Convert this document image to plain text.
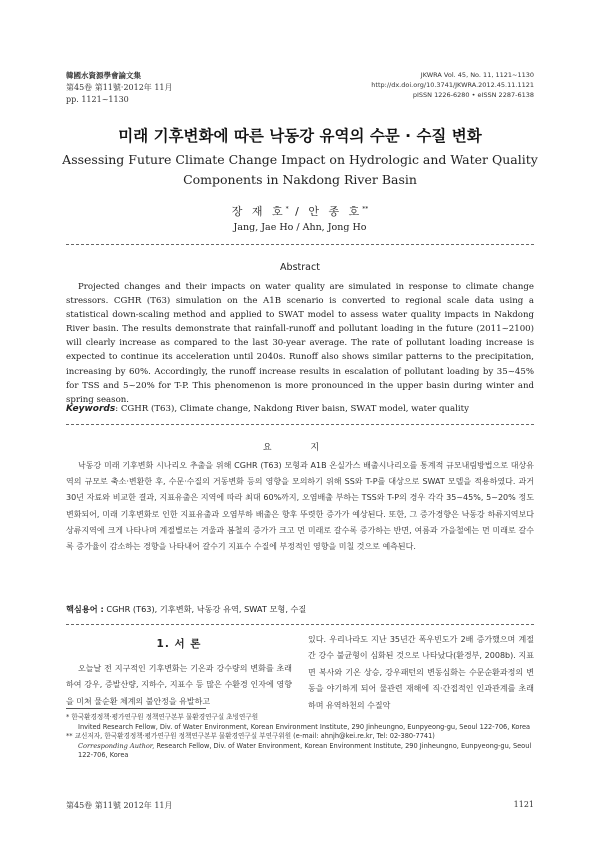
韓國水資源學會論文集
第45卷 第11號·2012年 11月
pp. 1121~1130
JKWRA Vol. 45, No. 11, 1121~1130
http://dx.doi.org/10.3741/JKWRA.2012.45.11.1121
pISSN 1226-6280 • eISSN 2287-6138
미래 기후변화에 따른 낙동강 유역의 수문 · 수질 변화
Assessing Future Climate Change Impact on Hydrologic and Water Quality Components in Nakdong River Basin
장 재 호* / 안 종 호**
Jang, Jae Ho / Ahn, Jong Ho
Abstract
Projected changes and their impacts on water quality are simulated in response to climate change stressors. CGHR (T63) simulation on the A1B scenario is converted to regional scale data using a statistical down-scaling method and applied to SWAT model to assess water quality impacts in Nakdong River basin. The results demonstrate that rainfall-runoff and pollutant loading in the future (2011~2100) will clearly increase as compared to the last 30-year average. The rate of pollutant loading increase is expected to continue its acceleration until 2040s. Runoff also shows similar patterns to the precipitation, increasing by 60%. Accordingly, the runoff increase results in escalation of pollutant loading by 35~45% for TSS and 5~20% for T-P. This phenomenon is more pronounced in the upper basin during winter and spring season.
Keywords: CGHR (T63), Climate change, Nakdong River baisn, SWAT model, water quality
요 지
낙동강 미래 기후변화 시나리오 추출을 위해 CGHR (T63) 모형과 A1B 온실가스 배출시나리오를 통계적 규모내림방법으로 대상유역의 규모로 축소·변환한 후, 수문·수질의 거동변화 등의 영향을 모의하기 위해 SS와 T-P를 대상으로 SWAT 모델을 적용하였다. 과거 30년 자료와 비교한 결과, 지표유출은 지역에 따라 최대 60%까지, 오염배출 부하는 TSS와 T-P의 경우 각각 35~45%, 5~20% 정도 변화되어, 미래 기후변화로 인한 지표유출과 오염부하 배출은 향후 뚜렷한 증가가 예상된다. 또한, 그 증가경향은 낙동강 하류지역보다 상류지역에 크게 나타나며 계절별로는 겨울과 봄철의 증가가 크고 먼 미래로 갈수록 증가하는 반면, 여름과 가을철에는 먼 미래로 갈수록 증가율이 감소하는 경향을 나타내어 갈수기 지표수 수질에 부정적인 영향을 미칠 것으로 예측된다.
핵심용어 : CGHR (T63), 기후변화, 낙동강 유역, SWAT 모형, 수질
1. 서 론
오늘날 전 지구적인 기후변화는 기온과 강수량의 변화를 초래하여 강우, 증발산량, 지하수, 지표수 등 많은 수환경 인자에 영향을 미쳐 물순환 체계의 불안정을 유발하고
있다. 우리나라도 지난 35년간 폭우빈도가 2배 증가했으며 계절간 강수 불균형이 심화된 것으로 나타났다(환경부, 2008b). 지표면 복사와 기온 상승, 강우패턴의 변동심화는 수문순환과정의 변동을 야기하게 되어 물관련 재해에 직·간접적인 인과관계를 초래하며 유역하천의 수질악
* 한국환경정책·평가연구원 정책연구본부 물환경연구실 초빙연구원
Invited Research Fellow, Div. of Water Environment, Korean Environment Institute, 290 Jinheungno, Eunpyeong-gu, Seoul 122-706, Korea
** 교신저자, 한국환경정책·평가연구원 정책연구본부 물환경연구실 부연구위원 (e-mail: ahnjh@kei.re.kr, Tel: 02-380-7741)
Corresponding Author, Research Fellow, Div. of Water Environment, Korean Environment Institute, 290 Jinheungno, Eunpyeong-gu, Seoul 122-706, Korea
第45卷 第11號 2012年 11月	1121
